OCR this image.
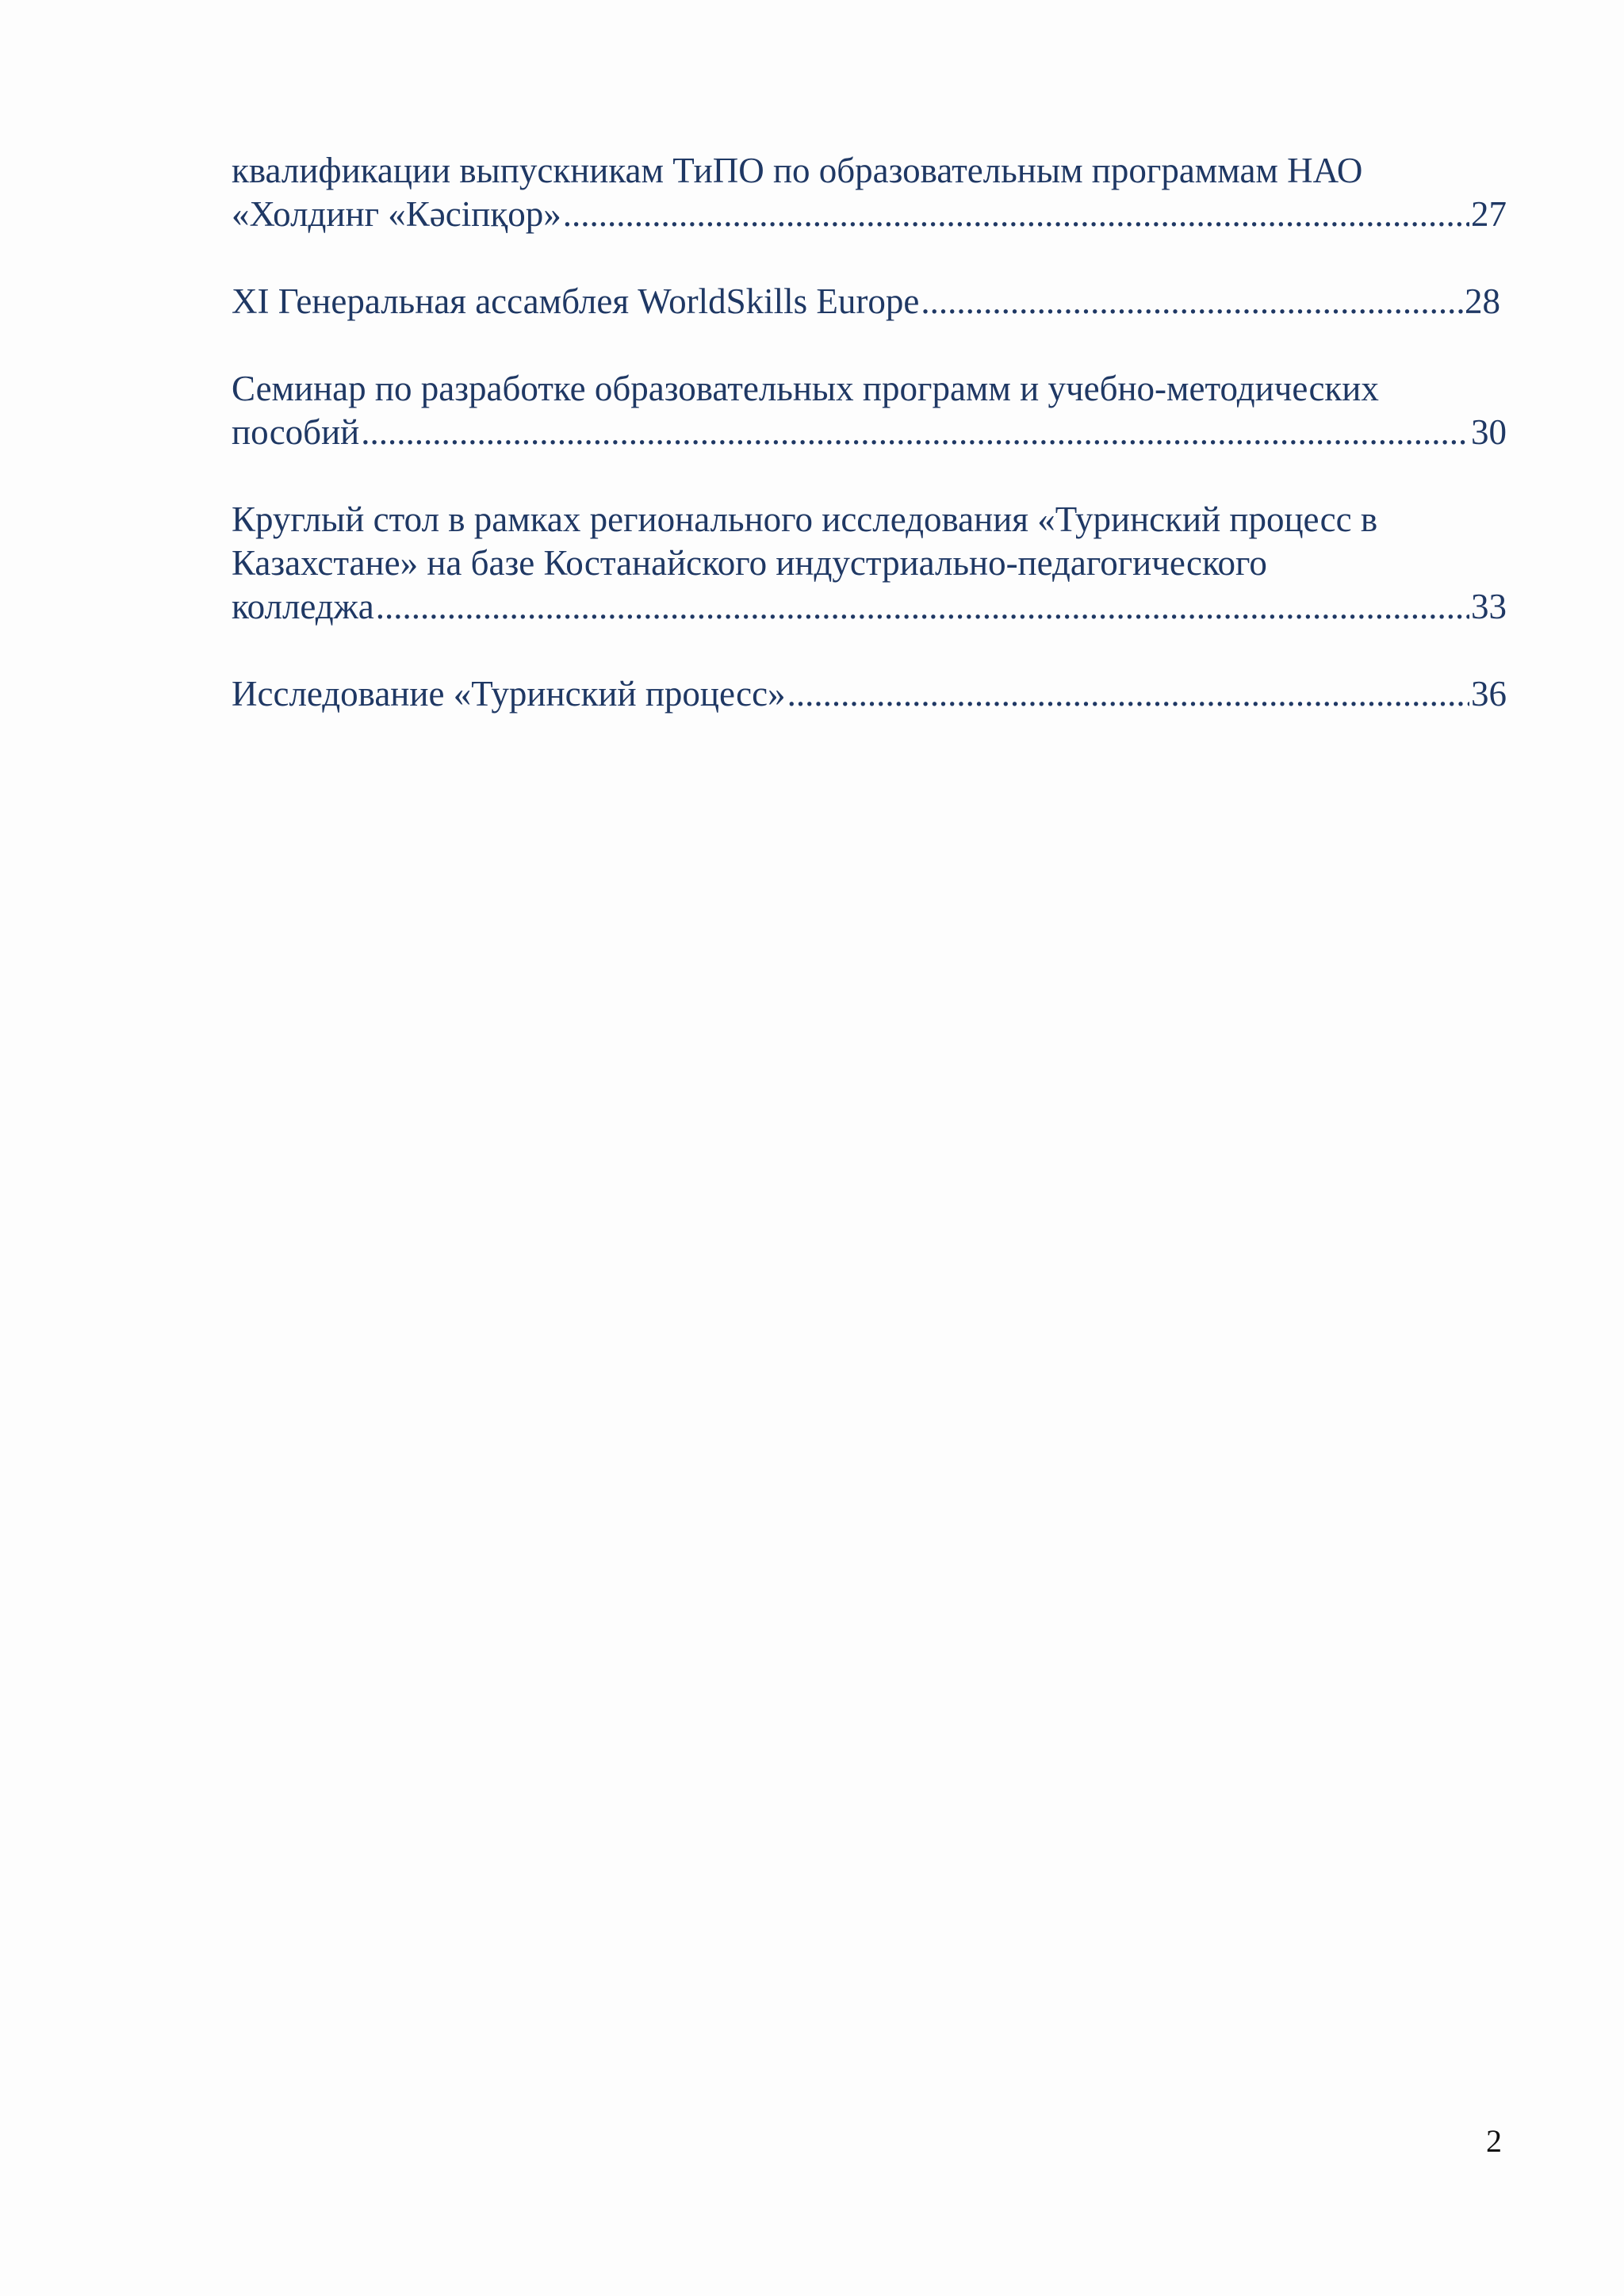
квалификации выпускникам ТиПО по образовательным программам НАО
«Холдинг «Кәсіпқор» .....	27
XI Генеральная ассамблея WorldSkills Europe .....	28
Семинар по разработке образовательных программ и учебно-методических
пособий .....	30
Круглый стол в рамках регионального исследования «Туринский процесс в
Казахстане» на базе Костанайского индустриально-педагогического
колледжа .....	33
Исследование «Туринский процесс» .....	36
2
